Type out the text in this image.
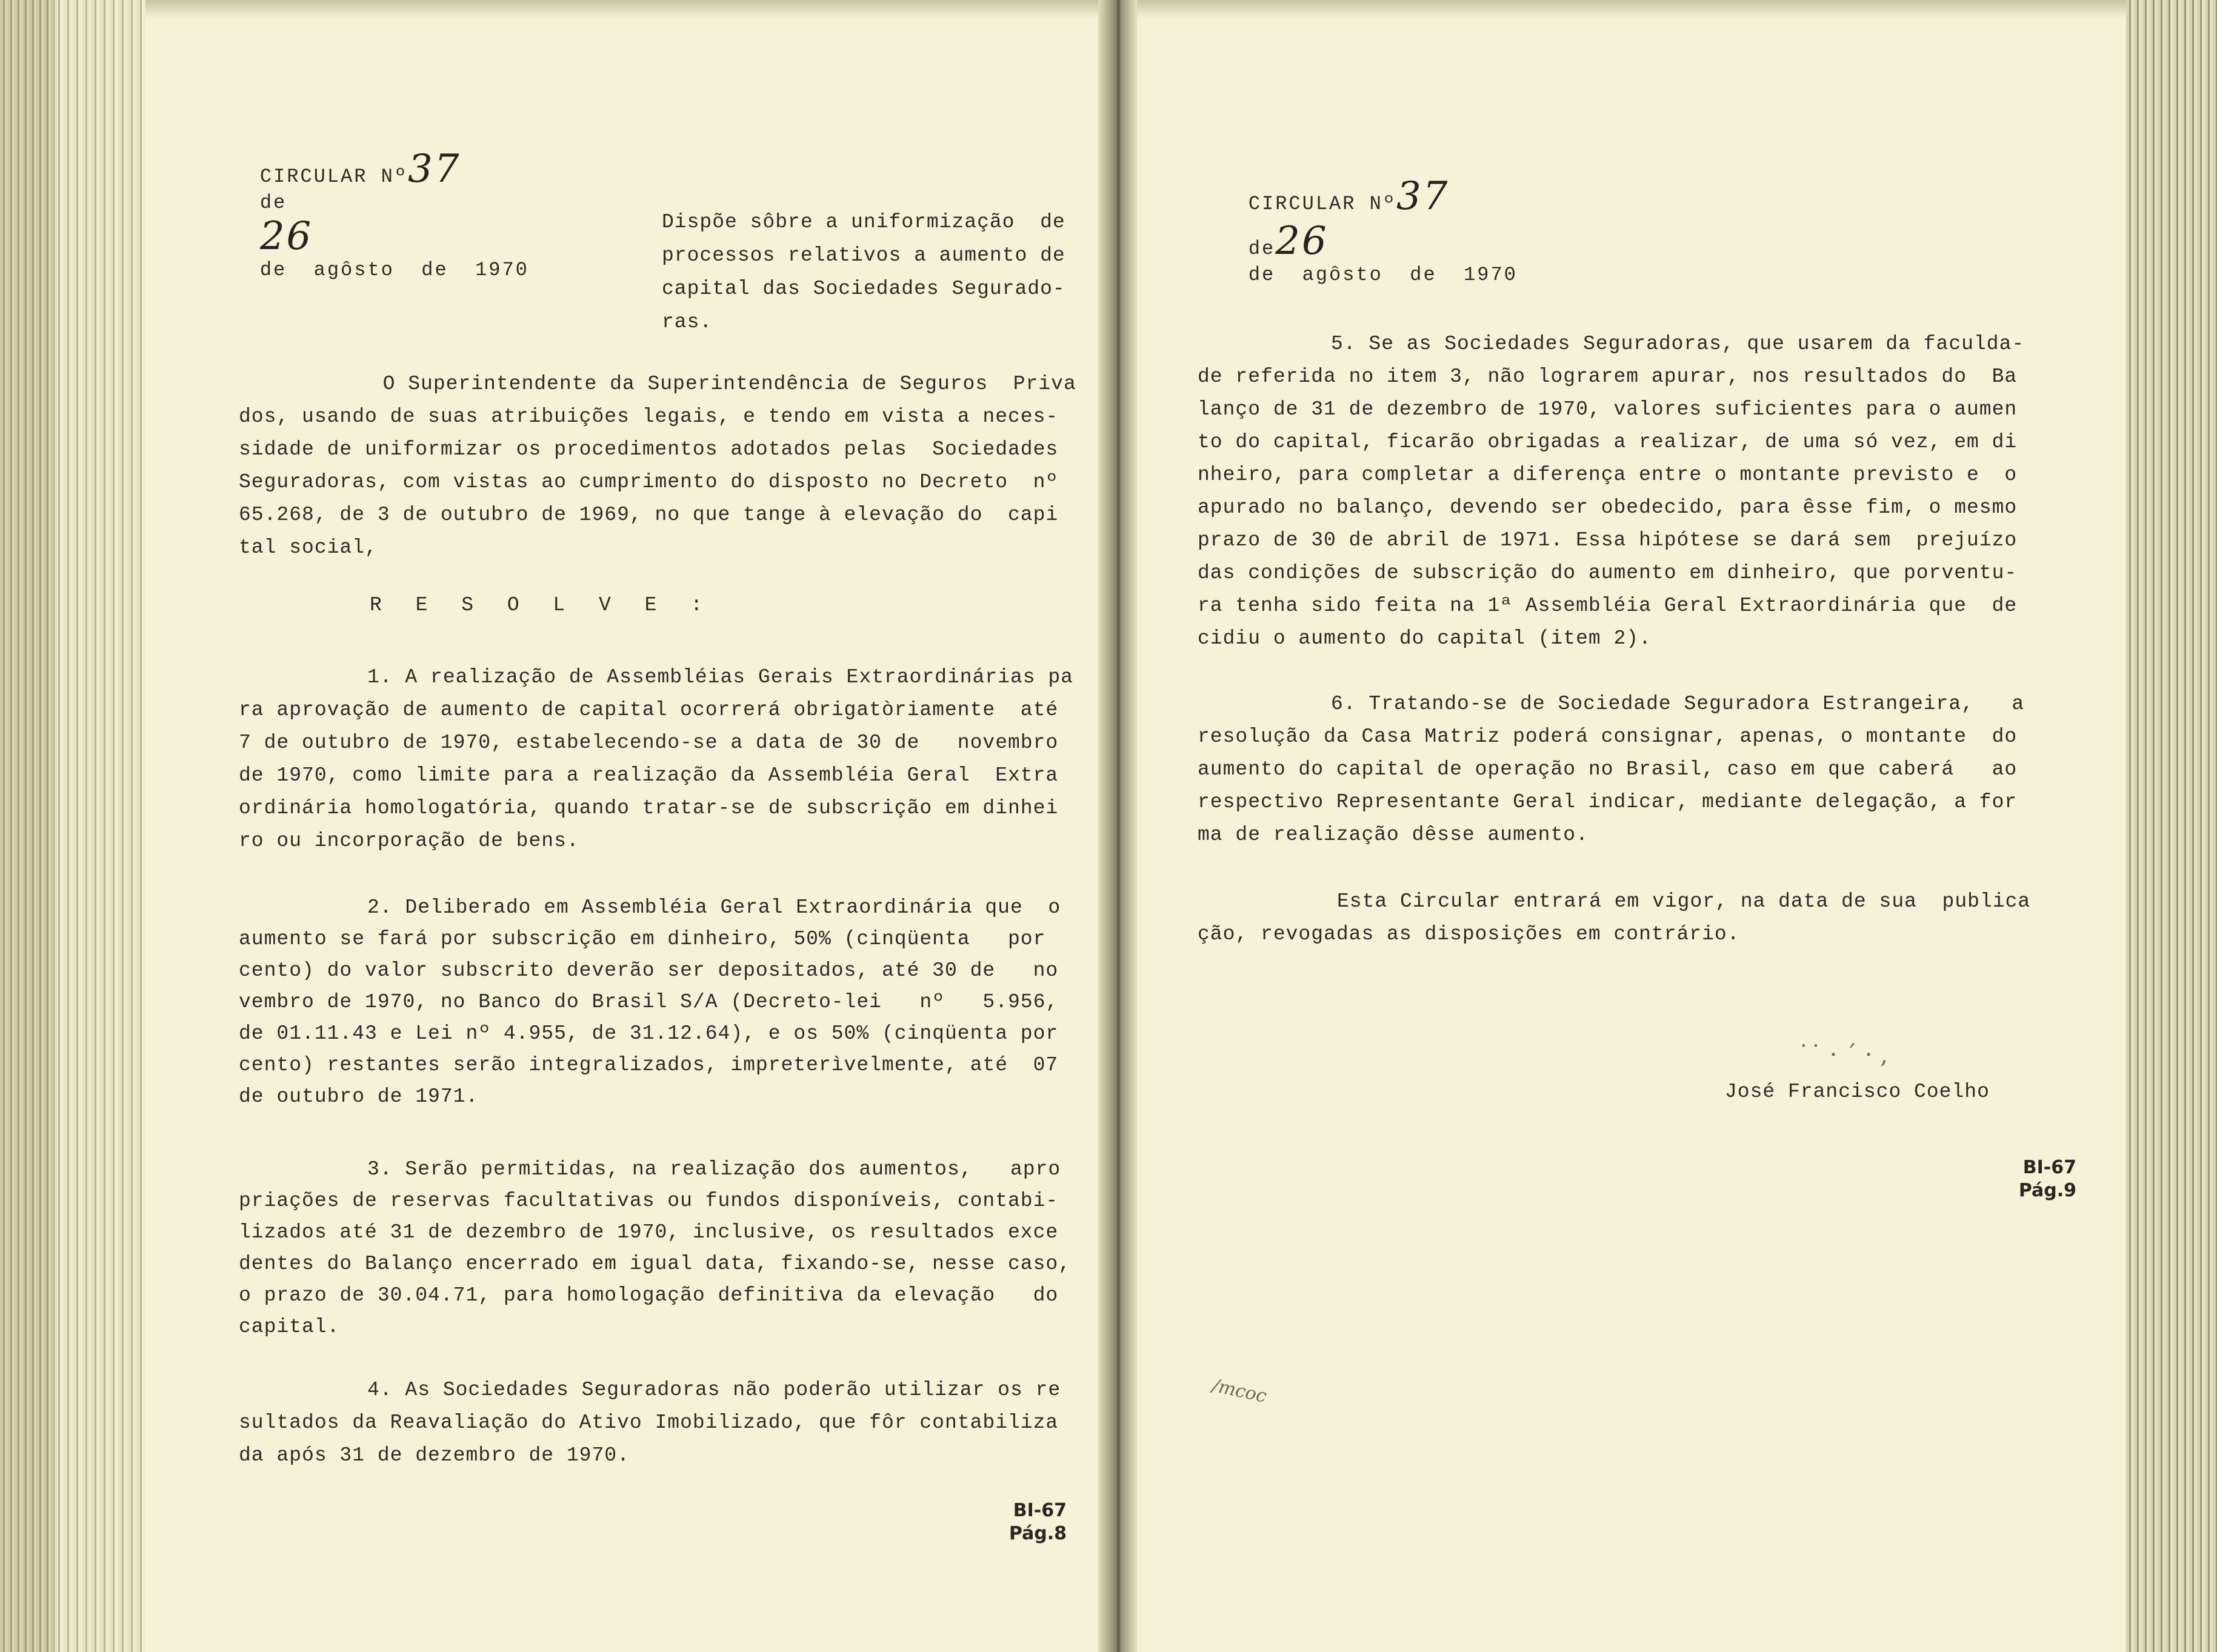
CIRCULAR Nº37
de
26
de  agôsto  de  1970

Dispõe sôbre a uniformização  de
processos relativos a aumento de
capital das Sociedades Segurado-
ras.
O Superintendente da Superintendência de Seguros  Priva
dos, usando de suas atribuições legais, e tendo em vista a neces-
sidade de uniformizar os procedimentos adotados pelas  Sociedades
Seguradoras, com vistas ao cumprimento do disposto no Decreto  nº
65.268, de 3 de outubro de 1969, no que tange à elevação do  capi
tal social,
R E S O L V E :
1. A realização de Assembléias Gerais Extraordinárias pa
ra aprovação de aumento de capital ocorrerá obrigatòriamente  até
7 de outubro de 1970, estabelecendo-se a data de 30 de   novembro
de 1970, como limite para a realização da Assembléia Geral  Extra
ordinária homologatória, quando tratar-se de subscrição em dinhei
ro ou incorporação de bens.
2. Deliberado em Assembléia Geral Extraordinária que  o
aumento se fará por subscrição em dinheiro, 50% (cinqüenta   por
cento) do valor subscrito deverão ser depositados, até 30 de   no
vembro de 1970, no Banco do Brasil S/A (Decreto-lei   nº   5.956,
de 01.11.43 e Lei nº 4.955, de 31.12.64), e os 50% (cinqüenta por
cento) restantes serão integralizados, impreterìvelmente, até  07
de outubro de 1971.
3. Serão permitidas, na realização dos aumentos,   apro
priações de reservas facultativas ou fundos disponíveis, contabi-
lizados até 31 de dezembro de 1970, inclusive, os resultados exce
dentes do Balanço encerrado em igual data, fixando-se, nesse caso,
o prazo de 30.04.71, para homologação definitiva da elevação   do
capital.
4. As Sociedades Seguradoras não poderão utilizar os re
sultados da Reavaliação do Ativo Imobilizado, que fôr contabiliza
da após 31 de dezembro de 1970.
BI-67
Pág.8

CIRCULAR Nº37
de26
de  agôsto  de  1970

5. Se as Sociedades Seguradoras, que usarem da faculda-
de referida no item 3, não lograrem apurar, nos resultados do  Ba
lanço de 31 de dezembro de 1970, valores suficientes para o aumen
to do capital, ficarão obrigadas a realizar, de uma só vez, em di
nheiro, para completar a diferença entre o montante previsto e  o
apurado no balanço, devendo ser obedecido, para êsse fim, o mesmo
prazo de 30 de abril de 1971. Essa hipótese se dará sem  prejuízo
das condições de subscrição do aumento em dinheiro, que porventu-
ra tenha sido feita na 1ª Assembléia Geral Extraordinária que  de
cidiu o aumento do capital (item 2).
6. Tratando-se de Sociedade Seguradora Estrangeira,   a
resolução da Casa Matriz poderá consignar, apenas, o montante  do
aumento do capital de operação no Brasil, caso em que caberá   ao
respectivo Representante Geral indicar, mediante delegação, a for
ma de realização dêsse aumento.
Esta Circular entrará em vigor, na data de sua  publica
ção, revogadas as disposições em contrário.
˙˙ · ´ · ,
José Francisco Coelho
BI-67
Pág.9
/mcoc
